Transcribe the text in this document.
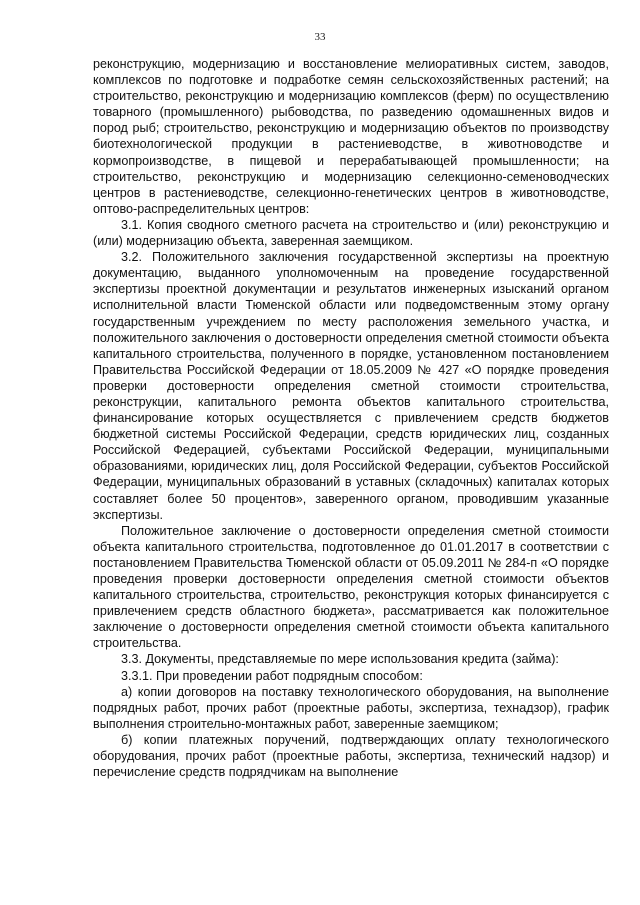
33

реконструкцию, модернизацию и восстановление мелиоративных систем, заводов, комплексов по подготовке и подработке семян сельскохозяйственных растений; на строительство, реконструкцию и модернизацию комплексов (ферм) по осуществлению товарного (промышленного) рыбоводства, по разведению одомашненных видов и пород рыб; строительство, реконструкцию и модернизацию объектов по производству биотехнологической продукции в растениеводстве, в животноводстве и кормопроизводстве, в пищевой и перерабатывающей промышленности; на строительство, реконструкцию и модернизацию селекционно-семеноводческих центров в растениеводстве, селекционно-генетических центров в животноводстве, оптово-распределительных центров:

3.1. Копия сводного сметного расчета на строительство и (или) реконструкцию и (или) модернизацию объекта, заверенная заемщиком.

3.2. Положительного заключения государственной экспертизы на проектную документацию, выданного уполномоченным на проведение государственной экспертизы проектной документации и результатов инженерных изысканий органом исполнительной власти Тюменской области или подведомственным этому органу государственным учреждением по месту расположения земельного участка, и положительного заключения о достоверности определения сметной стоимости объекта капитального строительства, полученного в порядке, установленном постановлением Правительства Российской Федерации от 18.05.2009 № 427 «О порядке проведения проверки достоверности определения сметной стоимости строительства, реконструкции, капитального ремонта объектов капитального строительства, финансирование которых осуществляется с привлечением средств бюджетов бюджетной системы Российской Федерации, средств юридических лиц, созданных Российской Федерацией, субъектами Российской Федерации, муниципальными образованиями, юридических лиц, доля Российской Федерации, субъектов Российской Федерации, муниципальных образований в уставных (складочных) капиталах которых составляет более 50 процентов», заверенного органом, проводившим указанные экспертизы.

Положительное заключение о достоверности определения сметной стоимости объекта капитального строительства, подготовленное до 01.01.2017 в соответствии с постановлением Правительства Тюменской области от 05.09.2011 № 284-п «О порядке проведения проверки достоверности определения сметной стоимости объектов капитального строительства, строительство, реконструкция которых финансируется с привлечением средств областного бюджета», рассматривается как положительное заключение о достоверности определения сметной стоимости объекта капитального строительства.

3.3. Документы, представляемые по мере использования кредита (займа):

3.3.1. При проведении работ подрядным способом:

а) копии договоров на поставку технологического оборудования, на выполнение подрядных работ, прочих работ (проектные работы, экспертиза, технадзор), график выполнения строительно-монтажных работ, заверенные заемщиком;

б) копии платежных поручений, подтверждающих оплату технологического оборудования, прочих работ (проектные работы, экспертиза, технический надзор) и перечисление средств подрядчикам на выполнение
